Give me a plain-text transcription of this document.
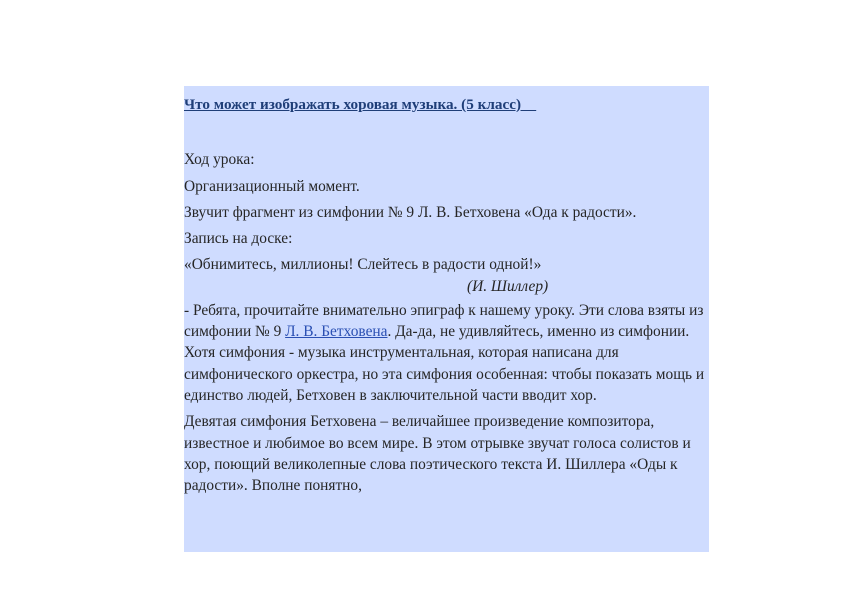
Что может изображать хоровая музыка. (5 класс)

Ход урока:

Организационный момент.

Звучит фрагмент из симфонии № 9 Л. В. Бетховена «Ода к радости».

Запись на доске:

«Обнимитесь, миллионы! Слейтесь в радости одной!»

(И. Шиллер)

- Ребята, прочитайте внимательно эпиграф к нашему уроку. Эти слова взяты из симфонии № 9 Л. В. Бетховена. Да-да, не удивляйтесь, именно из симфонии. Хотя симфония - музыка инструментальная, которая написана для симфонического оркестра, но эта симфония особенная: чтобы показать мощь и единство людей, Бетховен в заключительной части вводит хор.

Девятая симфония Бетховена – величайшее произведение композитора, известное и любимое во всем мире. В этом отрывке звучат голоса солистов и хор, поющий великолепные слова поэтического текста И. Шиллера «Оды к радости». Вполне понятно,
